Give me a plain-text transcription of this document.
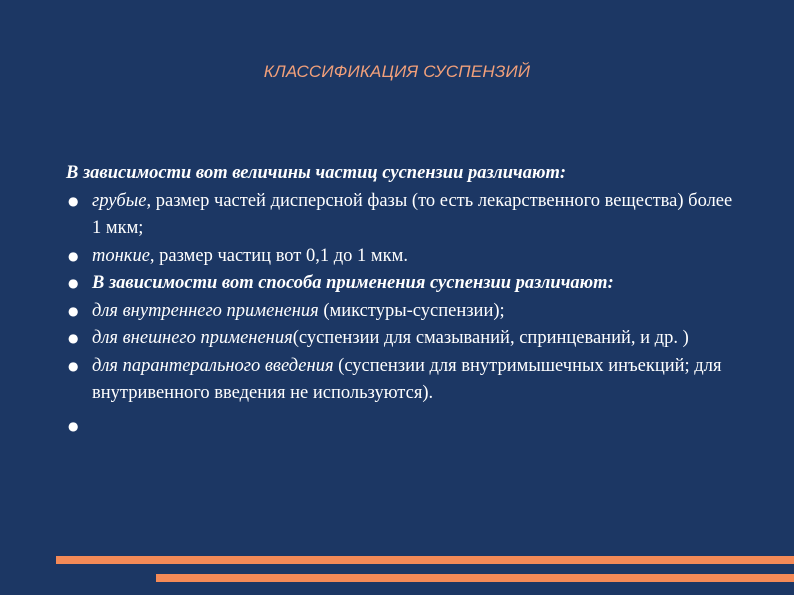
КЛАССИФИКАЦИЯ СУСПЕНЗИЙ
В зависимости вот величины частиц суспензии различают:
● грубые, размер частей дисперсной фазы (то есть лекарственного вещества) более 1 мкм;
● тонкие, размер частиц вот 0,1 до 1 мкм.
● В зависимости вот способа применения суспензии различают:
● для внутреннего применения (микстуры-суспензии);
● для внешнего применения(суспензии для смазываний, спринцеваний, и др. )
● для парантерального введения (суспензии для внутримышечных инъекций; для внутривенного введения не используются).
●
